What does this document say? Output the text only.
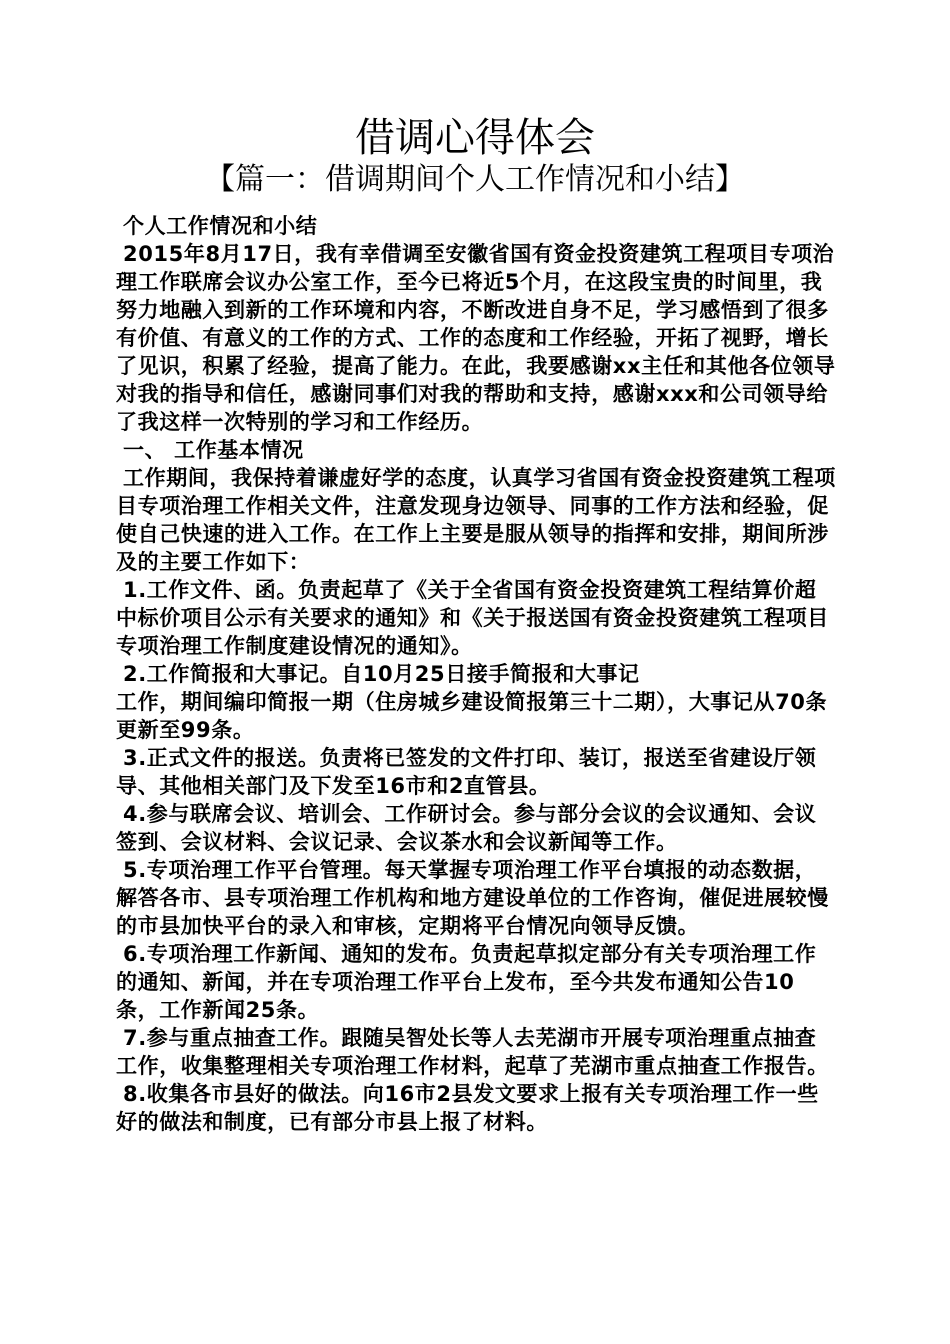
借调心得体会
【篇一：借调期间个人工作情况和小结】

个人工作情况和小结

2015年8月17日，我有幸借调至安徽省国有资金投资建筑工程项目专项治理工作联席会议办公室工作，至今已将近5个月，在这段宝贵的时间里，我努力地融入到新的工作环境和内容，不断改进自身不足，学习感悟到了很多有价值、有意义的工作的方式、工作的态度和工作经验，开拓了视野，增长了见识，积累了经验，提高了能力。在此，我要感谢xx主任和其他各位领导对我的指导和信任，感谢同事们对我的帮助和支持，感谢xxx和公司领导给了我这样一次特别的学习和工作经历。

一、 工作基本情况

工作期间，我保持着谦虚好学的态度，认真学习省国有资金投资建筑工程项目专项治理工作相关文件，注意发现身边领导、同事的工作方法和经验，促使自己快速的进入工作。在工作上主要是服从领导的指挥和安排，期间所涉及的主要工作如下：

1.工作文件、函。负责起草了《关于全省国有资金投资建筑工程结算价超中标价项目公示有关要求的通知》和《关于报送国有资金投资建筑工程项目专项治理工作制度建设情况的通知》。

2.工作简报和大事记。自10月25日接手简报和大事记

工作，期间编印简报一期（住房城乡建设简报第三十二期），大事记从70条更新至99条。

3.正式文件的报送。负责将已签发的文件打印、装订，报送至省建设厅领导、其他相关部门及下发至16市和2直管县。

4.参与联席会议、培训会、工作研讨会。参与部分会议的会议通知、会议签到、会议材料、会议记录、会议茶水和会议新闻等工作。

5.专项治理工作平台管理。每天掌握专项治理工作平台填报的动态数据，解答各市、县专项治理工作机构和地方建设单位的工作咨询，催促进展较慢的市县加快平台的录入和审核，定期将平台情况向领导反馈。

6.专项治理工作新闻、通知的发布。负责起草拟定部分有关专项治理工作的通知、新闻，并在专项治理工作平台上发布，至今共发布通知公告10条，工作新闻25条。

7.参与重点抽查工作。跟随吴智处长等人去芜湖市开展专项治理重点抽查工作，收集整理相关专项治理工作材料，起草了芜湖市重点抽查工作报告。

8.收集各市县好的做法。向16市2县发文要求上报有关专项治理工作一些好的做法和制度，已有部分市县上报了材料。
